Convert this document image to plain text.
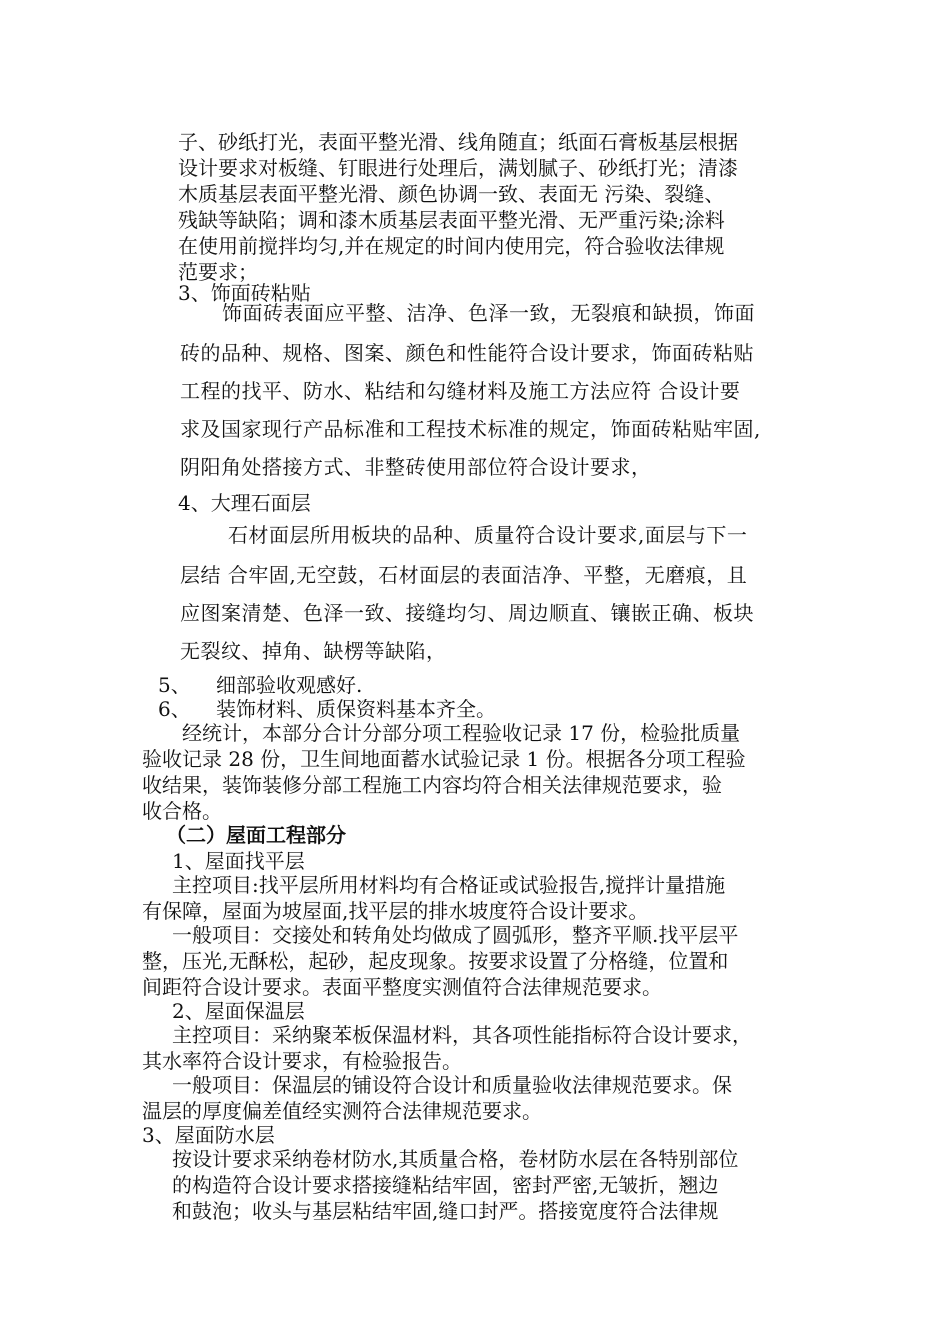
子、砂纸打光，表面平整光滑、线角随直；纸面石膏板基层根据
设计要求对板缝、钉眼进行处理后，满划腻子、砂纸打光；清漆
木质基层表面平整光滑、颜色协调一致、表面无 污染、裂缝、
残缺等缺陷；调和漆木质基层表面平整光滑、无严重污染;涂料
在使用前搅拌均匀,并在规定的时间内使用完，符合验收法律规
范要求；
3、饰面砖粘贴
饰面砖表面应平整、洁净、色泽一致，无裂痕和缺损，饰面
砖的品种、规格、图案、颜色和性能符合设计要求，饰面砖粘贴
工程的找平、防水、粘结和勾缝材料及施工方法应符 合设计要
求及国家现行产品标准和工程技术标准的规定，饰面砖粘贴牢固,
阴阳角处搭接方式、非整砖使用部位符合设计要求，
4、大理石面层
石材面层所用板块的品种、质量符合设计要求,面层与下一
层结 合牢固,无空鼓，石材面层的表面洁净、平整，无磨痕，且
应图案清楚、色泽一致、接缝均匀、周边顺直、镶嵌正确、板块
无裂纹、掉角、缺楞等缺陷，
5、 细部验收观感好.
6、 装饰材料、质保资料基本齐全。
经统计，本部分合计分部分项工程验收记录 17 份，检验批质量
验收记录 28 份，卫生间地面蓄水试验记录 1 份。根据各分项工程验
收结果，装饰装修分部工程施工内容均符合相关法律规范要求，验
收合格。
（二）屋面工程部分
1、屋面找平层
主控项目:找平层所用材料均有合格证或试验报告,搅拌计量措施
有保障，屋面为坡屋面,找平层的排水坡度符合设计要求。
一般项目：交接处和转角处均做成了圆弧形，整齐平顺.找平层平
整，压光,无酥松，起砂，起皮现象。按要求设置了分格缝，位置和
间距符合设计要求。表面平整度实测值符合法律规范要求。
2、屋面保温层
主控项目：采纳聚苯板保温材料，其各项性能指标符合设计要求，
其水率符合设计要求，有检验报告。
一般项目：保温层的铺设符合设计和质量验收法律规范要求。保
温层的厚度偏差值经实测符合法律规范要求。
3、屋面防水层
按设计要求采纳卷材防水,其质量合格，卷材防水层在各特别部位
的构造符合设计要求搭接缝粘结牢固，密封严密,无皱折，翘边
和鼓泡；收头与基层粘结牢固,缝口封严。搭接宽度符合法律规
